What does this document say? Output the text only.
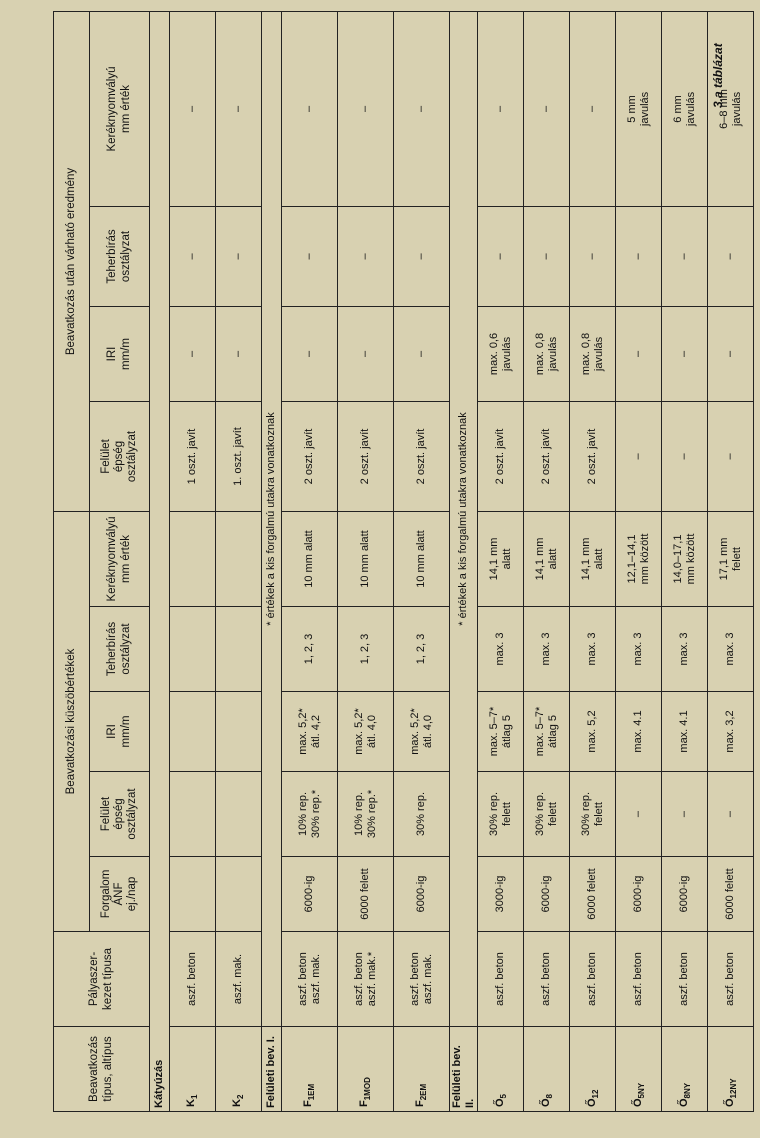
3.a táblázat
Beavatkozás típus, altípus	Pályaszer-
kezet típusa	Beavatkozási küszöbértékek					Beavatkozás után várható eredmény			
		Forgalom
ÁNF
ej./nap	Felület
épség
osztályzat	IRI
mm/m	Teherbírás
osztályzat	Keréknyomvályú
mm érték	Felület
épség
osztályzat	IRI
mm/m	Teherbírás
osztályzat	Keréknyomvályú
mm érték
Kátyúzás										
$K_1$	aszf. beton						1 oszt. javít	–	–	–
$K_2$	aszf. mak.						1. oszt. javít	–	–	–
Felületi bev. I.	* értékek a kis forgalmú utakra vonatkoznak									
$F_{1EM}$	aszf. beton
aszf. mak.	6000-ig	10% rep.
30% rep.*	max. 5,2*
átl. 4,2	1, 2, 3	10 mm alatt	2 oszt. javít	–	–	–
$F_{1MOD}$	aszf. beton
aszf. mak.*	6000 felett	10% rep.
30% rep.*	max. 5,2*
átl. 4,0	1, 2, 3	10 mm alatt	2 oszt. javít	–	–	–
$F_{2EM}$	aszf. beton
aszf. mak.	6000-ig	30% rep.	max. 5,2*
átl. 4,0	1, 2, 3	10 mm alatt	2 oszt. javít	–	–	–
Felületi bev.
II.	* értékek a kis forgalmú utakra vonatkoznak									
$Ő_5$	aszf. beton	3000-ig	30% rep.
felett	max. 5–7*
átlag 5	max. 3	14,1 mm
alatt	2 oszt. javít	max. 0,6
javulás	–	–
$Ő_8$	aszf. beton	6000-ig	30% rep.
felett	max. 5–7*
átlag 5	max. 3	14,1 mm
alatt	2 oszt. javít	max. 0,8
javulás	–	–
$Ő_{12}$	aszf. beton	6000 felett	30% rep.
felett	max. 5,2	max. 3	14,1 mm
alatt	2 oszt. javít	max. 0,8
javulás	–	–
$Ő_{5NY}$	aszf. beton	6000-ig	–	max. 4.1	max. 3	12,1–14,1
mm között	–	–	–	5 mm
javulás
$Ő_{8NY}$	aszf. beton	6000-ig	–	max. 4.1	max. 3	14,0–17,1
mm között	–	–	–	6 mm
javulás
$Ő_{12NY}$	aszf. beton	6000 felett	–	max. 3,2	max. 3	17,1 mm
felett	–	–	–	6–8 mm
javulás
